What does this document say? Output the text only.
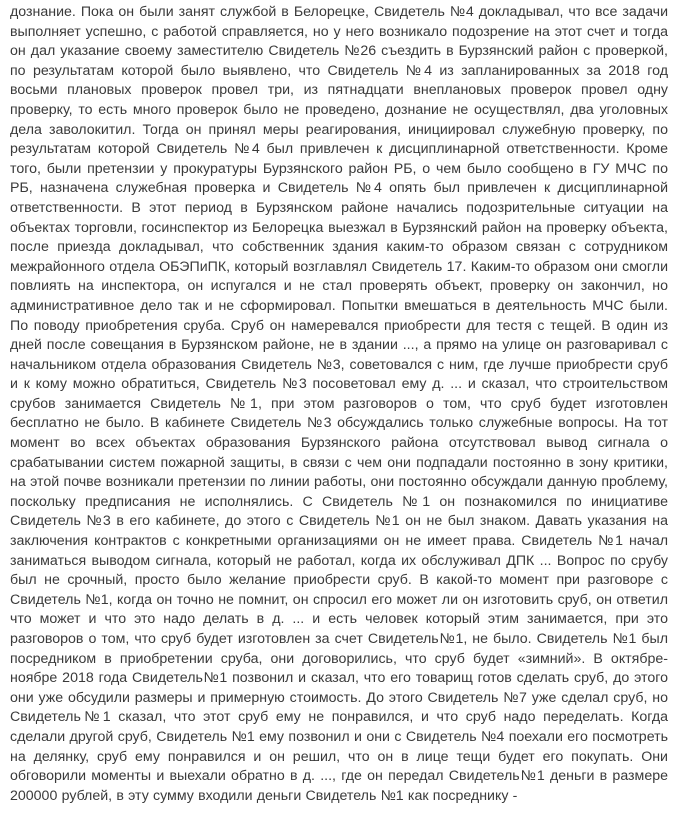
дознание. Пока он были занят службой в Белорецке, Свидетель №4 докладывал, что все задачи выполняет успешно, с работой справляется, но у него возникало подозрение на этот счет и тогда он дал указание своему заместителю Свидетель №26 съездить в Бурзянский район с проверкой, по результатам которой было выявлено, что Свидетель №4 из запланированных за 2018 год восьми плановых проверок провел три, из пятнадцати внеплановых проверок провел одну проверку, то есть много проверок было не проведено, дознание не осуществлял, два уголовных дела заволокитил. Тогда он принял меры реагирования, инициировал служебную проверку, по результатам которой Свидетель №4 был привлечен к дисциплинарной ответственности. Кроме того, были претензии у прокуратуры Бурзянского район РБ, о чем было сообщено в ГУ МЧС по РБ, назначена служебная проверка и Свидетель №4 опять был привлечен к дисциплинарной ответственности. В этот период в Бурзянском районе начались подозрительные ситуации на объектах торговли, госинспектор из Белорецка выезжал в Бурзянский район на проверку объекта, после приезда докладывал, что собственник здания каким-то образом связан с сотрудником межрайонного отдела ОБЭПиПК, который возглавлял Свидетель 17. Каким-то образом они смогли повлиять на инспектора, он испугался и не стал проверять объект, проверку он закончил, но административное дело так и не сформировал. Попытки вмешаться в деятельность МЧС были. По поводу приобретения сруба. Сруб он намеревался приобрести для тестя с тещей. В один из дней после совещания в Бурзянском районе, не в здании ..., а прямо на улице он разговаривал с начальником отдела образования Свидетель №3, советовался с ним, где лучше приобрести сруб и к кому можно обратиться, Свидетель №3 посоветовал ему д. ... и сказал, что строительством срубов занимается Свидетель №1, при этом разговоров о том, что сруб будет изготовлен бесплатно не было. В кабинете Свидетель №3 обсуждались только служебные вопросы. На тот момент во всех объектах образования Бурзянского района отсутствовал вывод сигнала о срабатывании систем пожарной защиты, в связи с чем они подпадали постоянно в зону критики, на этой почве возникали претензии по линии работы, они постоянно обсуждали данную проблему, поскольку предписания не исполнялись. С Свидетель №1 он познакомился по инициативе Свидетель №3 в его кабинете, до этого с Свидетель №1 он не был знаком. Давать указания на заключения контрактов с конкретными организациями он не имеет права. Свидетель №1 начал заниматься выводом сигнала, который не работал, когда их обслуживал ДПК ... Вопрос по срубу был не срочный, просто было желание приобрести сруб. В какой-то момент при разговоре с Свидетель №1, когда он точно не помнит, он спросил его может ли он изготовить сруб, он ответил что может и что это надо делать в д. ... и есть человек который этим занимается, при это разговоров о том, что сруб будет изготовлен за счет Свидетель№1, не было. Свидетель №1 был посредником в приобретении сруба, они договорились, что сруб будет «зимний». В октябре-ноябре 2018 года Свидетель№1 позвонил и сказал, что его товарищ готов сделать сруб, до этого они уже обсудили размеры и примерную стоимость. До этого Свидетель №7 уже сделал сруб, но Свидетель№1 сказал, что этот сруб ему не понравился, и что сруб надо переделать. Когда сделали другой сруб, Свидетель №1 ему позвонил и они с Свидетель №4 поехали его посмотреть на делянку, сруб ему понравился и он решил, что он в лице тещи будет его покупать. Они обговорили моменты и выехали обратно в д. ..., где он передал Свидетель№1 деньги в размере 200000 рублей, в эту сумму входили деньги Свидетель №1 как посреднику -
